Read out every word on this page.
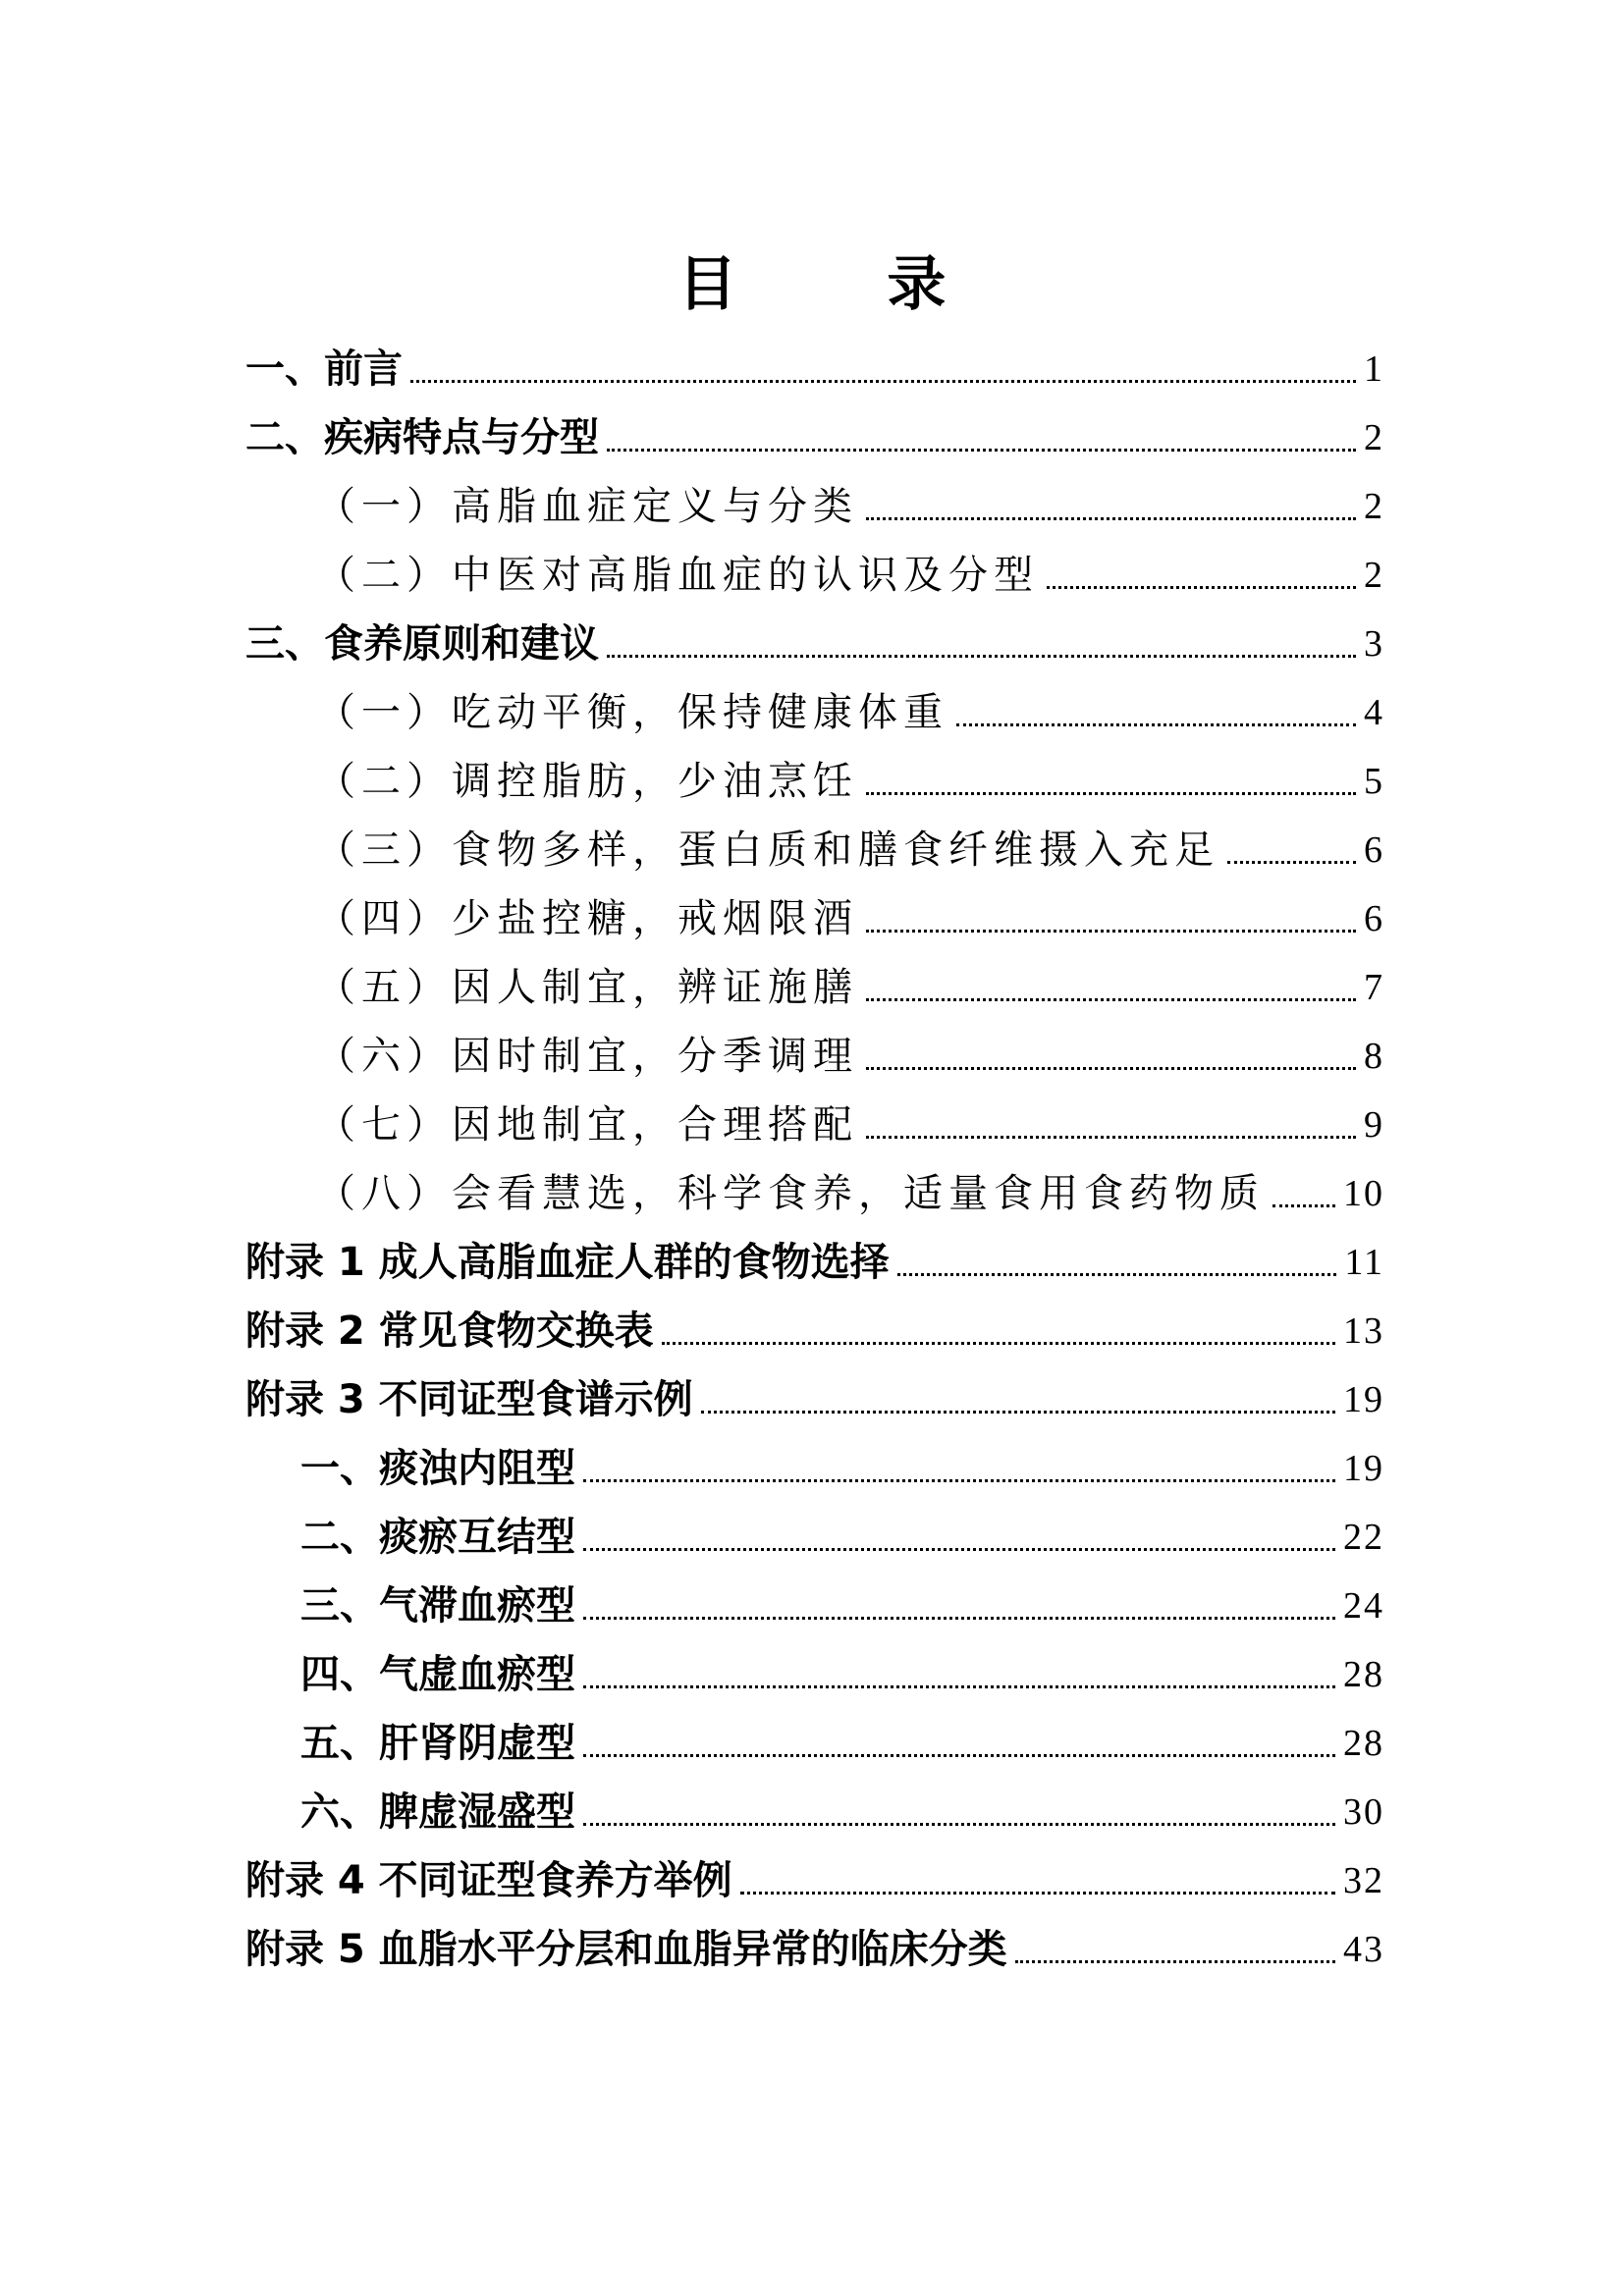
目 录
一、前言	1
二、疾病特点与分型	2
（一）高脂血症定义与分类	2
（二）中医对高脂血症的认识及分型	2
三、食养原则和建议	3
（一）吃动平衡，保持健康体重	4
（二）调控脂肪，少油烹饪	5
（三）食物多样，蛋白质和膳食纤维摄入充足	6
（四）少盐控糖，戒烟限酒	6
（五）因人制宜，辨证施膳	7
（六）因时制宜，分季调理	8
（七）因地制宜，合理搭配	9
（八）会看慧选，科学食养，适量食用食药物质 10
附录 1 成人高脂血症人群的食物选择	11
附录 2 常见食物交换表	13
附录 3 不同证型食谱示例	19
一、痰浊内阻型	19
二、痰瘀互结型	22
三、气滞血瘀型	24
四、气虚血瘀型	28
五、肝肾阴虚型	28
六、脾虚湿盛型	30
附录 4 不同证型食养方举例	32
附录 5 血脂水平分层和血脂异常的临床分类	43
